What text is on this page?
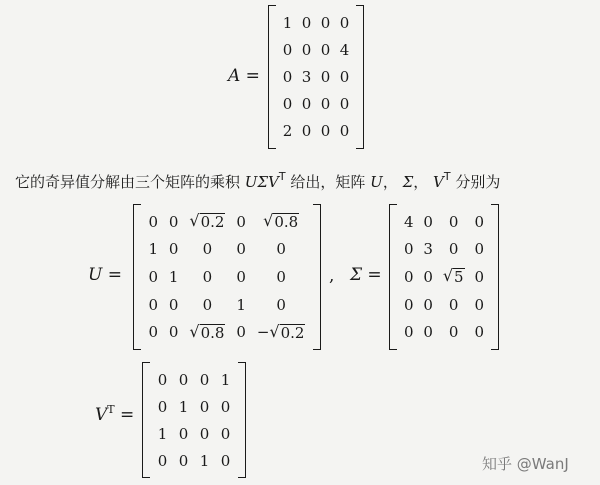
A =
1 0 0 0
0 0 0 4
0 3 0 0
0 0 0 0
2 0 0 0
它的奇异值分解由三个矩阵的乘积 $U\Sigma V^T$ 给出，矩阵 U， Σ， $V^T$ 分别为
U =
0 0 √ 0.2 0 √ 0.8
1 0 0 0 0
0 1 0 0 0
0 0 0 1 0
0 0 √ 0.8 0 − √ 0.2
, Σ =
4 0 0 0
0 3 0 0
0 0 √ 5 0
0 0 0 0
0 0 0 0
$V^T$ =
0 0 0 1
0 1 0 0
1 0 0 0
0 0 1 0	知乎 @WanJ
